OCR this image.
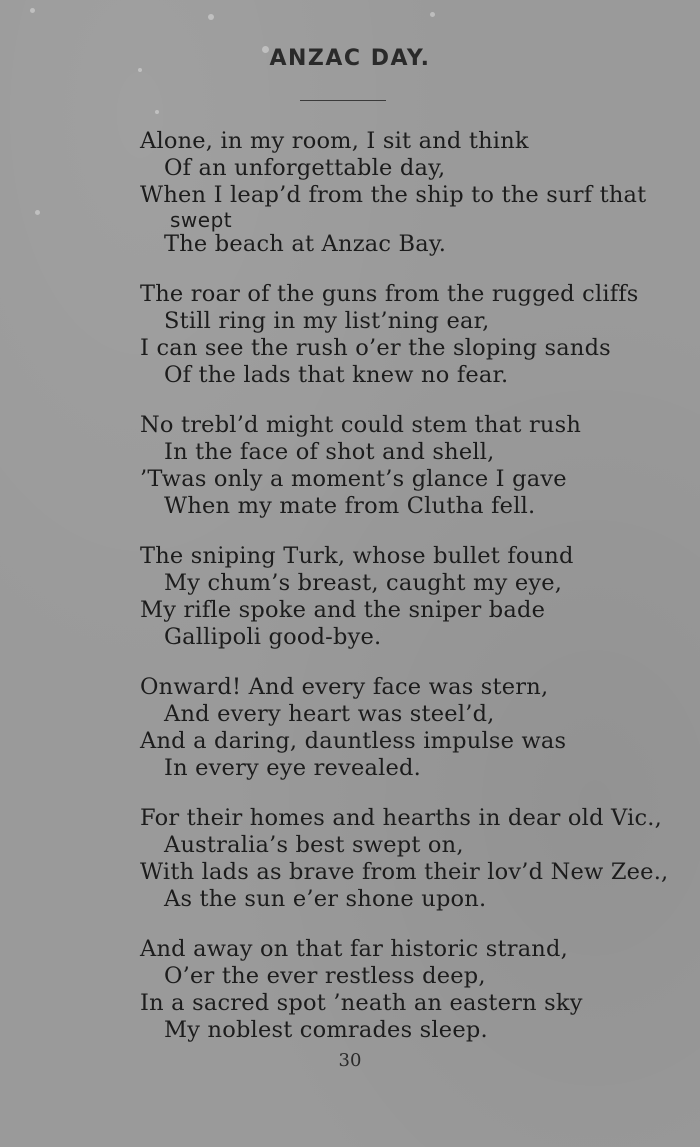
ANZAC DAY.
Alone, in my room, I sit and think
Of an unforgettable day,
When I leap’d from the ship to the surf that
swept
The beach at Anzac Bay.
The roar of the guns from the rugged cliffs
Still ring in my list’ning ear,
I can see the rush o’er the sloping sands
Of the lads that knew no fear.
No trebl’d might could stem that rush
In the face of shot and shell,
’Twas only a moment’s glance I gave
When my mate from Clutha fell.
The sniping Turk, whose bullet found
My chum’s breast, caught my eye,
My rifle spoke and the sniper bade
Gallipoli good-bye.
Onward! And every face was stern,
And every heart was steel’d,
And a daring, dauntless impulse was
In every eye revealed.
For their homes and hearths in dear old Vic.,
Australia’s best swept on,
With lads as brave from their lov’d New Zee.,
As the sun e’er shone upon.
And away on that far historic strand,
O’er the ever restless deep,
In a sacred spot ’neath an eastern sky
My noblest comrades sleep.
30
